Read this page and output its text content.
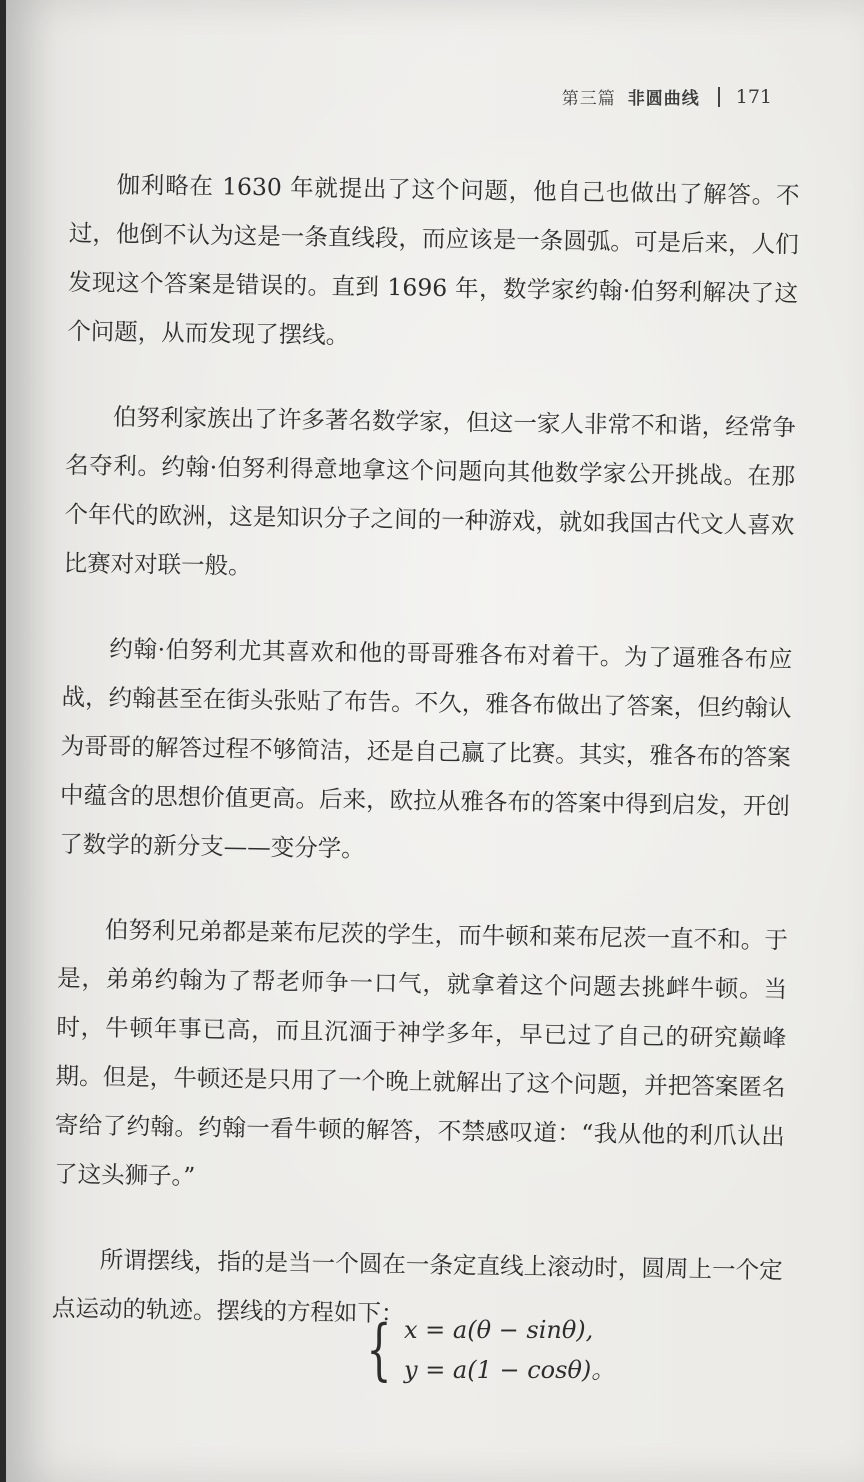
第三篇 非圆曲线 171

伽利略在 1630 年就提出了这个问题，他自己也做出了解答。不过，他倒不认为这是一条直线段，而应该是一条圆弧。可是后来，人们发现这个答案是错误的。直到 1696 年，数学家约翰·伯努利解决了这个问题，从而发现了摆线。

伯努利家族出了许多著名数学家，但这一家人非常不和谐，经常争名夺利。约翰·伯努利得意地拿这个问题向其他数学家公开挑战。在那个年代的欧洲，这是知识分子之间的一种游戏，就如我国古代文人喜欢比赛对对联一般。

约翰·伯努利尤其喜欢和他的哥哥雅各布对着干。为了逼雅各布应战，约翰甚至在街头张贴了布告。不久，雅各布做出了答案，但约翰认为哥哥的解答过程不够简洁，还是自己赢了比赛。其实，雅各布的答案中蕴含的思想价值更高。后来，欧拉从雅各布的答案中得到启发，开创了数学的新分支——变分学。

伯努利兄弟都是莱布尼茨的学生，而牛顿和莱布尼茨一直不和。于是，弟弟约翰为了帮老师争一口气，就拿着这个问题去挑衅牛顿。当时，牛顿年事已高，而且沉湎于神学多年，早已过了自己的研究巅峰期。但是，牛顿还是只用了一个晚上就解出了这个问题，并把答案匿名寄给了约翰。约翰一看牛顿的解答，不禁感叹道：“我从他的利爪认出了这头狮子。”

所谓摆线，指的是当一个圆在一条定直线上滚动时，圆周上一个定点运动的轨迹。摆线的方程如下：

{ x = a(θ − sinθ),
y = a(1 − cosθ)。
